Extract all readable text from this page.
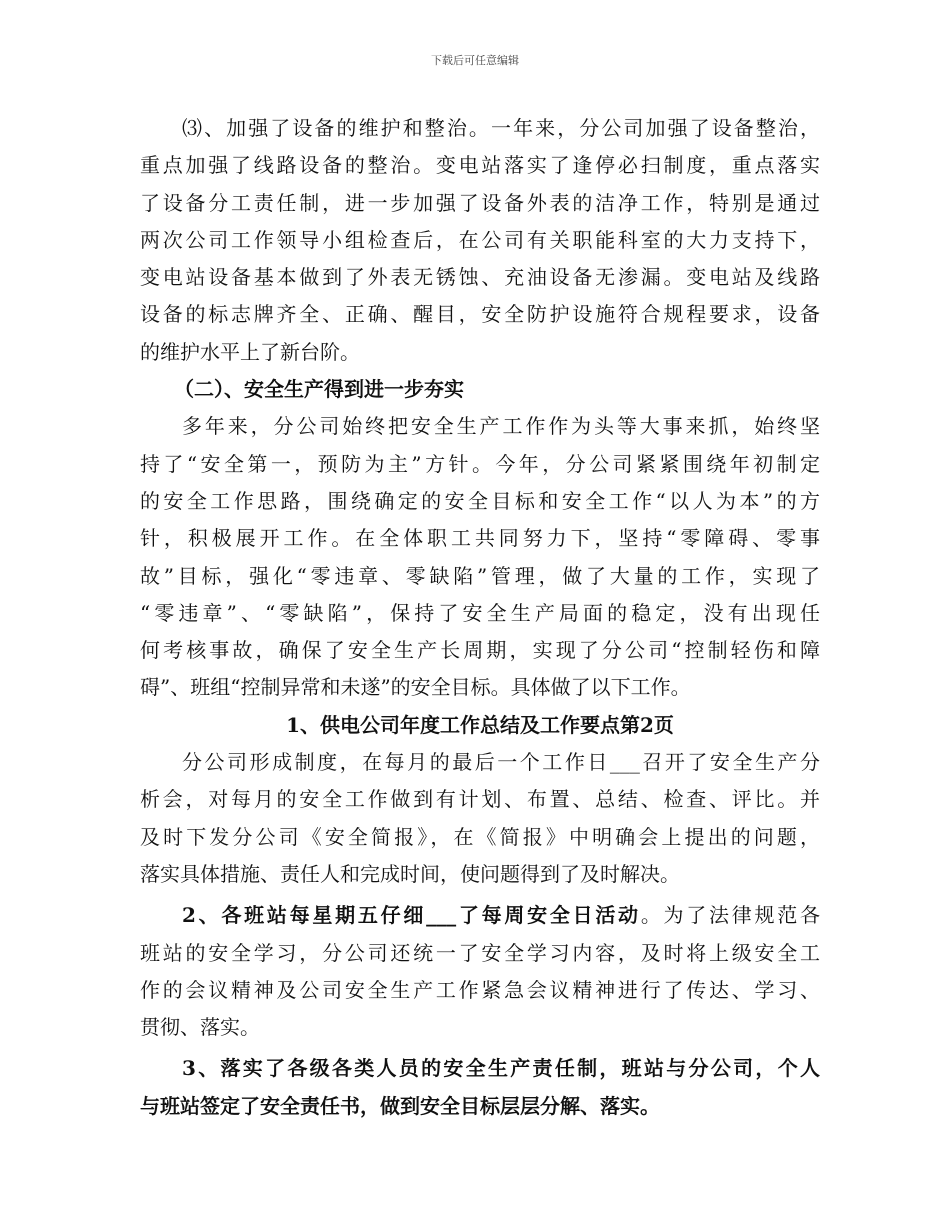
下载后可任意编辑
⑶、加强了设备的维护和整治。一年来，分公司加强了设备整治，
重点加强了线路设备的整治。变电站落实了逢停必扫制度，重点落实
了设备分工责任制，进一步加强了设备外表的洁净工作，特别是通过
两次公司工作领导小组检查后，在公司有关职能科室的大力支持下，
变电站设备基本做到了外表无锈蚀、充油设备无渗漏。变电站及线路
设备的标志牌齐全、正确、醒目，安全防护设施符合规程要求，设备
的维护水平上了新台阶。
（二）、安全生产得到进一步夯实
多年来，分公司始终把安全生产工作作为头等大事来抓，始终坚
持了“安全第一，预防为主”方针。今年，分公司紧紧围绕年初制定
的安全工作思路，围绕确定的安全目标和安全工作“以人为本”的方
针，积极展开工作。在全体职工共同努力下，坚持“零障碍、零事
故”目标，强化“零违章、零缺陷”管理，做了大量的工作，实现了
“零违章”、“零缺陷”，保持了安全生产局面的稳定，没有出现任
何考核事故，确保了安全生产长周期，实现了分公司“控制轻伤和障
碍”、班组“控制异常和未遂”的安全目标。具体做了以下工作。
1、供电公司年度工作总结及工作要点第2页
分公司形成制度，在每月的最后一个工作日___召开了安全生产分
析会，对每月的安全工作做到有计划、布置、总结、检查、评比。并
及时下发分公司《安全简报》，在《简报》中明确会上提出的问题，
落实具体措施、责任人和完成时间，使问题得到了及时解决。
2、各班站每星期五仔细___了每周安全日活动。为了法律规范各
班站的安全学习，分公司还统一了安全学习内容，及时将上级安全工
作的会议精神及公司安全生产工作紧急会议精神进行了传达、学习、
贯彻、落实。
3、落实了各级各类人员的安全生产责任制，班站与分公司，个人
与班站签定了安全责任书，做到安全目标层层分解、落实。
